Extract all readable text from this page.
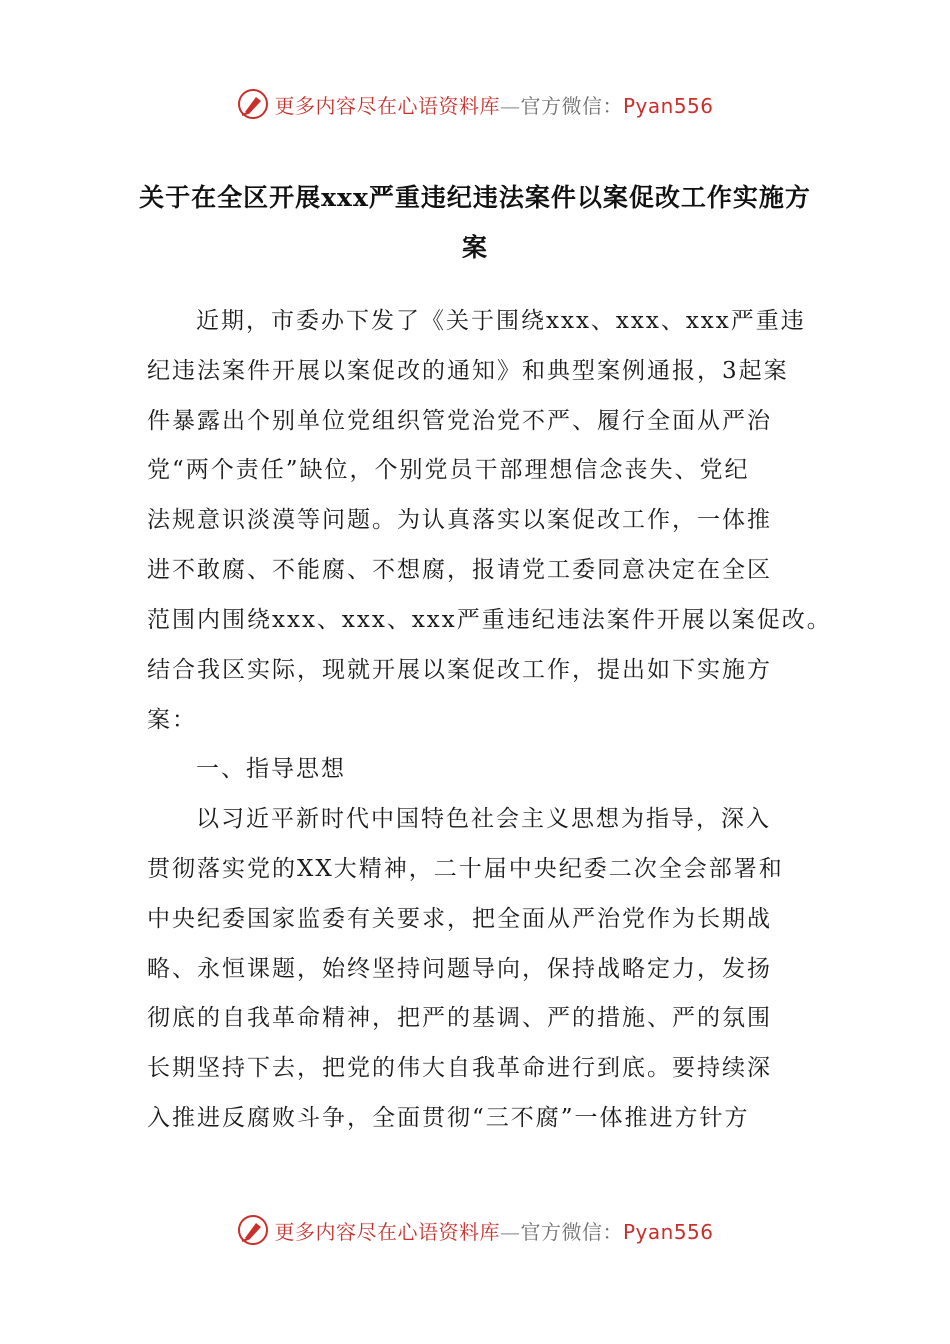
更多内容尽在心语资料库—官方微信：Pyan556
关于在全区开展xxx严重违纪违法案件以案促改工作实施方
案
近期，市委办下发了《关于围绕xxx、xxx、xxx严重违
纪违法案件开展以案促改的通知》和典型案例通报，3起案
件暴露出个别单位党组织管党治党不严、履行全面从严治
党“两个责任”缺位，个别党员干部理想信念丧失、党纪
法规意识淡漠等问题。为认真落实以案促改工作，一体推
进不敢腐、不能腐、不想腐，报请党工委同意决定在全区
范围内围绕xxx、xxx、xxx严重违纪违法案件开展以案促改。
结合我区实际，现就开展以案促改工作，提出如下实施方
案：
一、指导思想
以习近平新时代中国特色社会主义思想为指导，深入
贯彻落实党的XX大精神，二十届中央纪委二次全会部署和
中央纪委国家监委有关要求，把全面从严治党作为长期战
略、永恒课题，始终坚持问题导向，保持战略定力，发扬
彻底的自我革命精神，把严的基调、严的措施、严的氛围
长期坚持下去，把党的伟大自我革命进行到底。要持续深
入推进反腐败斗争，全面贯彻“三不腐”一体推进方针方
更多内容尽在心语资料库—官方微信：Pyan556
